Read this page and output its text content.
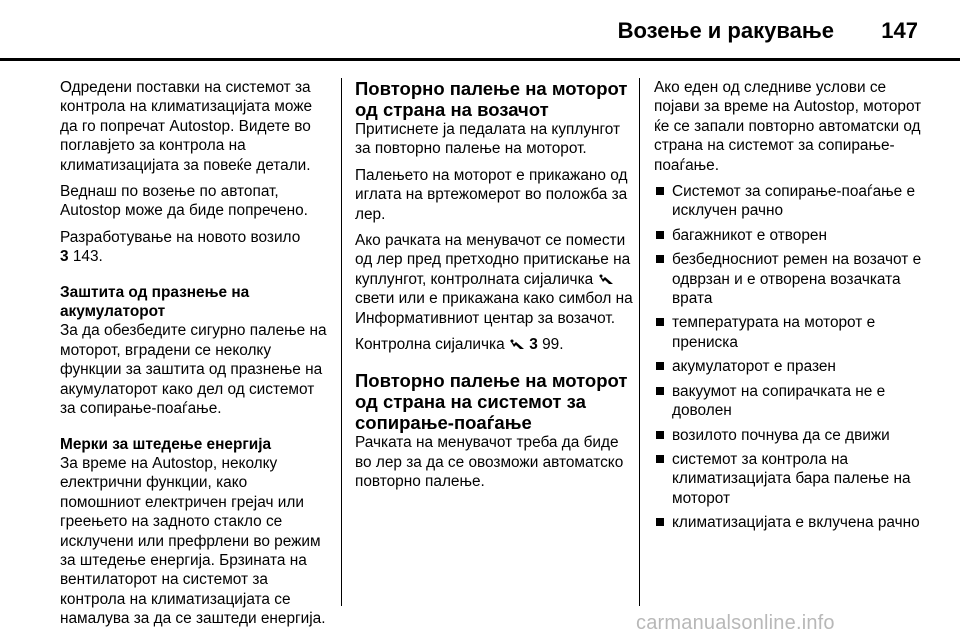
Возење и ракување 147

Одредени поставки на системот за контрола на климатизацијата може да го попречат Autostop. Видете во поглавјето за контрола на климатизацијата за повеќе детали.

Веднаш по возење по автопат, Autostop може да биде попречено.

Разработување на новото возило
3 143.

Заштита од празнење на акумулаторот

За да обезбедите сигурно палење на моторот, вградени се неколку функции за заштита од празнење на акумулаторот како дел од системот за сопирање-поаѓање.

Мерки за штедење енергија

За време на Autostop, неколку електрични функции, како помошниот електричен грејач или греењето на задното стакло се исклучени или префрлени во режим за штедење енергија. Брзината на вентилаторот на системот за контрола на климатизацијата се намалува за да се заштеди енергија.

Повторно палење на моторот од страна на возачот

Притиснете ја педалата на куплунгот за повторно палење на моторот.

Палењето на моторот е прикажано од иглата на вртежомерот во положба за лер.

Ако рачката на менувачот се помести од лер пред претходно притискање на куплунгот, контролната сијаличка  свети или е прикажана како симбол на Информативниот центар за возачот.

Контролна сијаличка 3 99.

Повторно палење на моторот од страна на системот за сопирање-поаѓање

Рачката на менувачот треба да биде во лер за да се овозможи автоматско повторно палење.

Ако еден од следниве услови се појави за време на Autostop, моторот ќе се запали повторно автоматски од страна на системот за сопирање-поаѓање.

Системот за сопирање-поаѓање е исклучен рачно
багажникот е отворен
безбедносниот ремен на возачот е одврзан и е отворена возачката врата
температурата на моторот е прениска
акумулаторот е празен
вакуумот на сопирачката не е доволен
возилото почнува да се движи
системот за контрола на климатизацијата бара палење на моторот
климатизацијата е вклучена рачно
carmanualsonline.info
